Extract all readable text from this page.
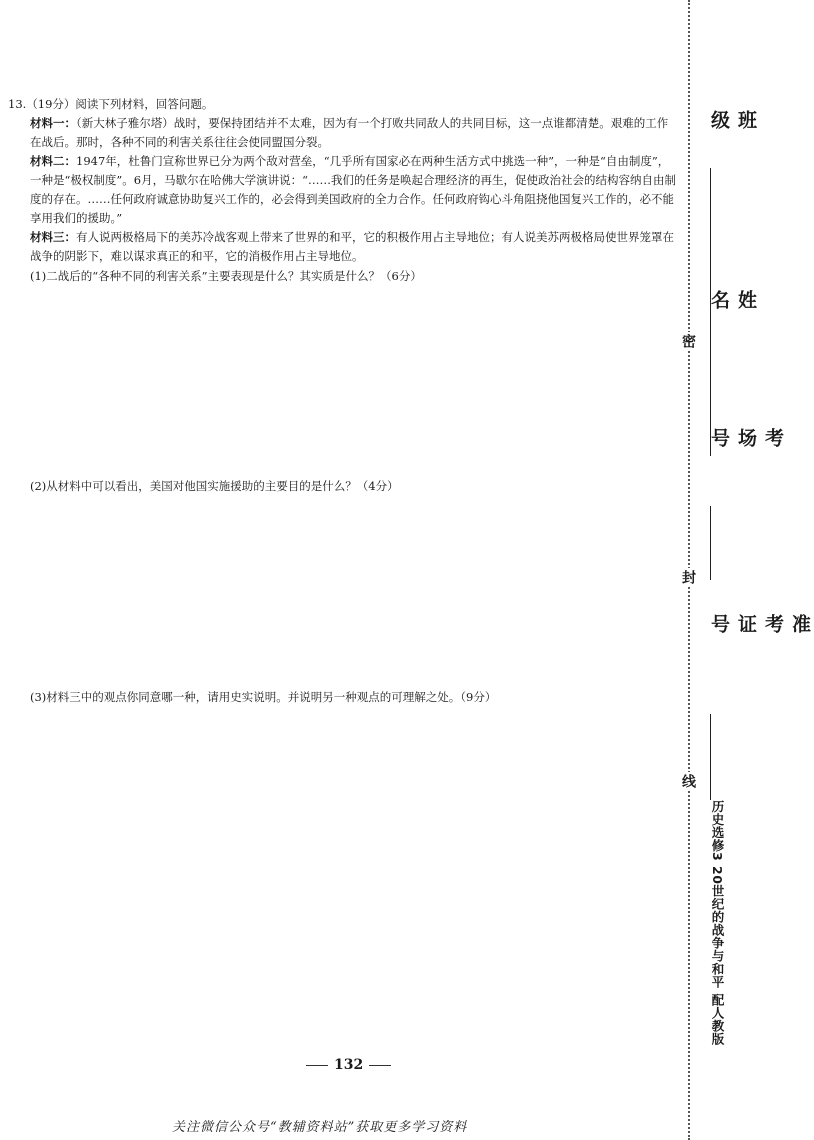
13.（19分）阅读下列材料，回答问题。

材料一：（新大林子雅尔塔）战时，要保持团结并不太难，因为有一个打败共同敌人的共同目标，这一点谁都清楚。艰难的工作在战后。那时，各种不同的利害关系往往会使同盟国分裂。

材料二：1947年，杜鲁门宣称世界已分为两个敌对营垒，“几乎所有国家必在两种生活方式中挑选一种”，一种是“自由制度”，一种是“极权制度”。6月，马歇尔在哈佛大学演讲说：“……我们的任务是唤起合理经济的再生，促使政治社会的结构容纳自由制度的存在。……任何政府诚意协助复兴工作的，必会得到美国政府的全力合作。任何政府钩心斗角阻挠他国复兴工作的，必不能享用我们的援助。”

材料三：有人说两极格局下的美苏冷战客观上带来了世界的和平，它的积极作用占主导地位；有人说美苏两极格局使世界笼罩在战争的阴影下，难以谋求真正的和平，它的消极作用占主导地位。

(1)二战后的“各种不同的利害关系”主要表现是什么？其实质是什么？（6分）
(2)从材料中可以看出，美国对他国实施援助的主要目的是什么？（4分）
(3)材料三中的观点你同意哪一种，请用史实说明。并说明另一种观点的可理解之处。（9分）
班级
姓名
考场号
准考证号
密
封
线
历史选修3 20世纪的战争与和平 配人教版
132
关注微信公众号“教辅资料站”获取更多学习资料
